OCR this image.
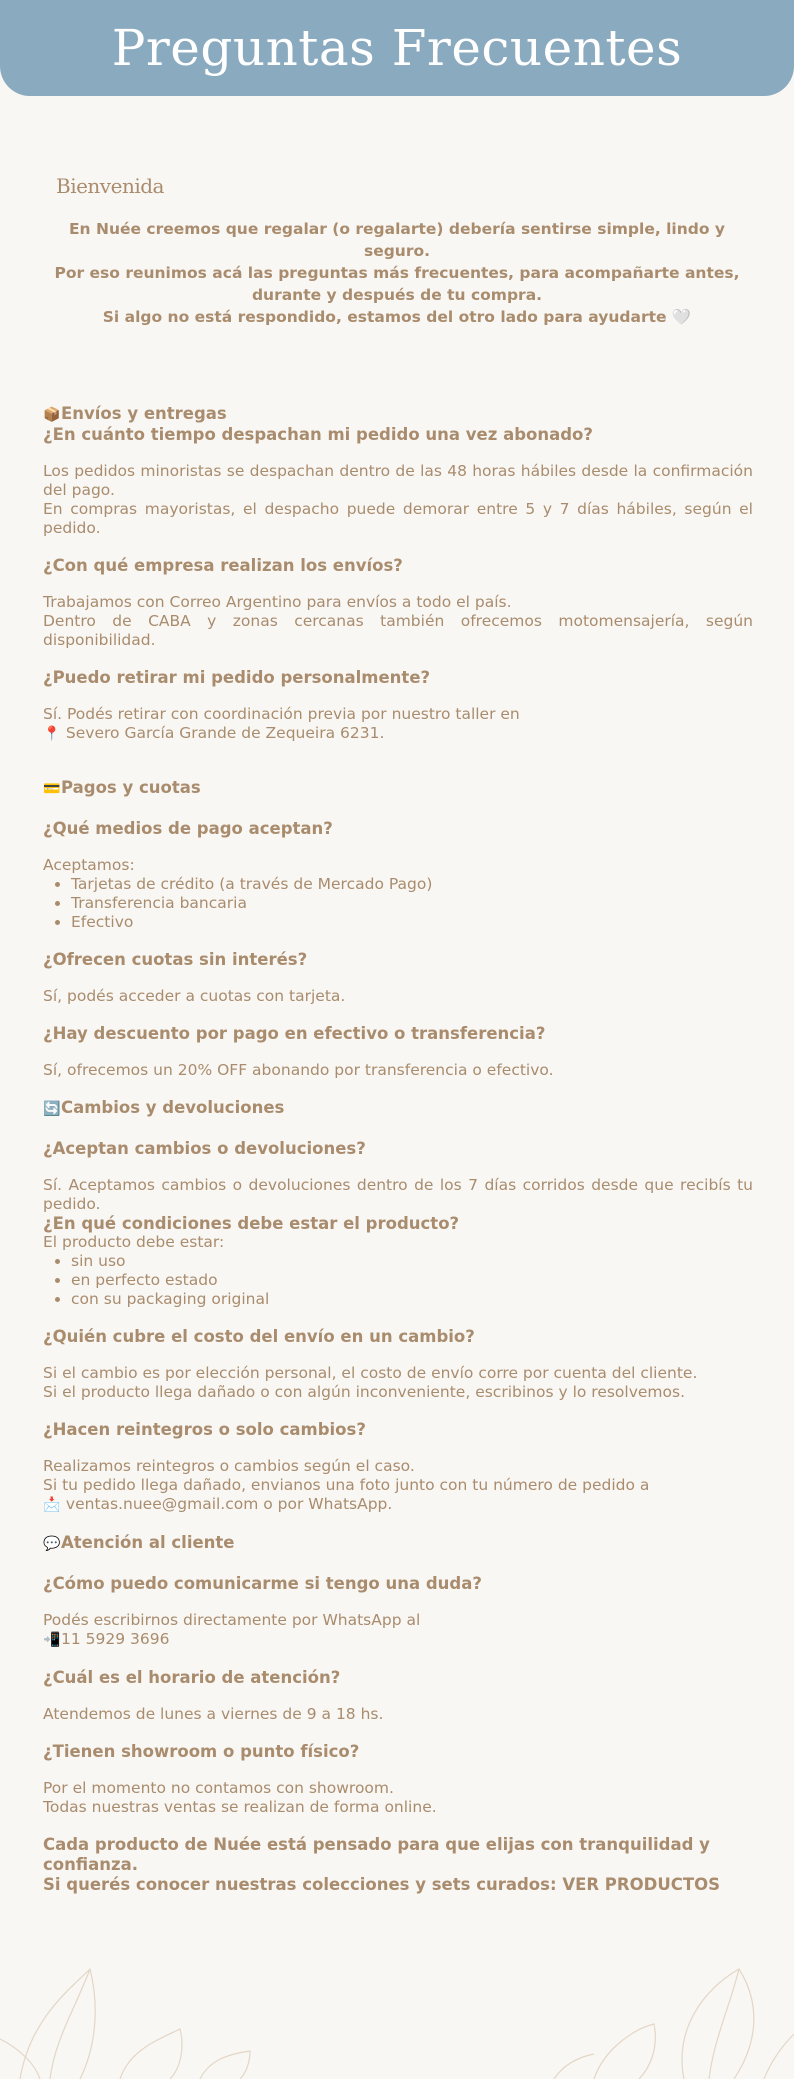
Preguntas Frecuentes
Bienvenida
En Nuée creemos que regalar (o regalarte) debería sentirse simple, lindo y seguro.
Por eso reunimos acá las preguntas más frecuentes, para acompañarte antes,
durante y después de tu compra.
Si algo no está respondido, estamos del otro lado para ayudarte 🤍
📦Envíos y entregas
¿En cuánto tiempo despachan mi pedido una vez abonado?

Los pedidos minoristas se despachan dentro de las 48 horas hábiles desde la confirmación del pago.

En compras mayoristas, el despacho puede demorar entre 5 y 7 días hábiles, según el pedido.

¿Con qué empresa realizan los envíos?

Trabajamos con Correo Argentino para envíos a todo el país.

Dentro de CABA y zonas cercanas también ofrecemos motomensajería, según disponibilidad.

¿Puedo retirar mi pedido personalmente?

Sí. Podés retirar con coordinación previa por nuestro taller en

📍 Severo García Grande de Zequeira 6231.

💳Pagos y cuotas
¿Qué medios de pago aceptan?

Aceptamos:

• Tarjetas de crédito (a través de Mercado Pago)
• Transferencia bancaria
• Efectivo
¿Ofrecen cuotas sin interés?

Sí, podés acceder a cuotas con tarjeta.

¿Hay descuento por pago en efectivo o transferencia?

Sí, ofrecemos un 20% OFF abonando por transferencia o efectivo.

🔄Cambios y devoluciones
¿Aceptan cambios o devoluciones?

Sí. Aceptamos cambios o devoluciones dentro de los 7 días corridos desde que recibís tu pedido.

¿En qué condiciones debe estar el producto?

El producto debe estar:

• sin uso
• en perfecto estado
• con su packaging original
¿Quién cubre el costo del envío en un cambio?

Si el cambio es por elección personal, el costo de envío corre por cuenta del cliente.

Si el producto llega dañado o con algún inconveniente, escribinos y lo resolvemos.

¿Hacen reintegros o solo cambios?

Realizamos reintegros o cambios según el caso.

Si tu pedido llega dañado, envianos una foto junto con tu número de pedido a

📩 ventas.nuee@gmail.com o por WhatsApp.

💬Atención al cliente
¿Cómo puedo comunicarme si tengo una duda?

Podés escribirnos directamente por WhatsApp al

📲11 5929 3696

¿Cuál es el horario de atención?

Atendemos de lunes a viernes de 9 a 18 hs.

¿Tienen showroom o punto físico?

Por el momento no contamos con showroom.

Todas nuestras ventas se realizan de forma online.

Cada producto de Nuée está pensado para que elijas con tranquilidad y confianza.
Si querés conocer nuestras colecciones y sets curados: VER PRODUCTOS
